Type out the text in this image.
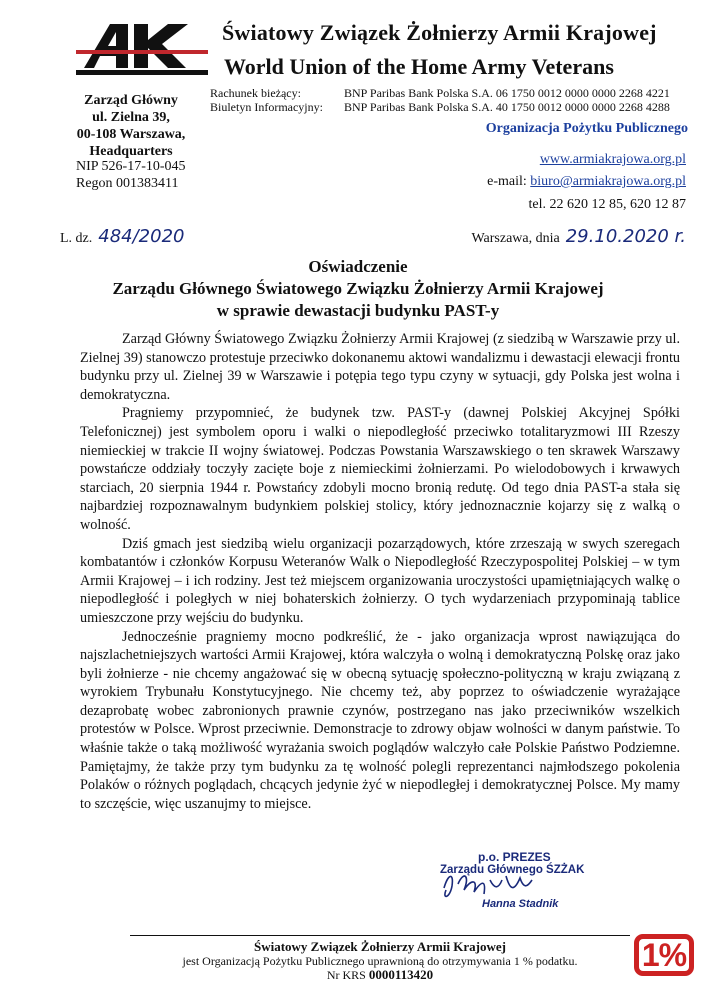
AK	Światowy Związek Żołnierzy Armii Krajowej
World Union of the Home Army Veterans
Zarząd Główny
ul. Zielna 39,
00-108 Warszawa,
Headquarters
NIP 526-17-10-045
Regon 001383411
Rachunek bieżący:	BNP Paribas Bank Polska S.A. 06 1750 0012 0000 0000 2268 4221
Biuletyn Informacyjny:	BNP Paribas Bank Polska S.A. 40 1750 0012 0000 0000 2268 4288
Organizacja Pożytku Publicznego
www.armiakrajowa.org.pl
e-mail: biuro@armiakrajowa.org.pl
tel. 22 620 12 85, 620 12 87
L. dz. 484/2020	Warszawa, dnia 29.10.2020 r.
Oświadczenie
Zarządu Głównego Światowego Związku Żołnierzy Armii Krajowej
w sprawie dewastacji budynku PAST-y

Zarząd Główny Światowego Związku Żołnierzy Armii Krajowej (z siedzibą w Warszawie przy ul. Zielnej 39) stanowczo protestuje przeciwko dokonanemu aktowi wandalizmu i dewastacji elewacji frontu budynku przy ul. Zielnej 39 w Warszawie i potępia tego typu czyny w sytuacji, gdy Polska jest wolna i demokratyczna.

Pragniemy przypomnieć, że budynek tzw. PAST-y (dawnej Polskiej Akcyjnej Spółki Telefonicznej) jest symbolem oporu i walki o niepodległość przeciwko totalitaryzmowi III Rzeszy niemieckiej w trakcie II wojny światowej. Podczas Powstania Warszawskiego o ten skrawek Warszawy powstańcze oddziały toczyły zacięte boje z niemieckimi żołnierzami. Po wielodobowych i krwawych starciach, 20 sierpnia 1944 r. Powstańcy zdobyli mocno bronią redutę. Od tego dnia PAST-a stała się najbardziej rozpoznawalnym budynkiem polskiej stolicy, który jednoznacznie kojarzy się z walką o wolność.

Dziś gmach jest siedzibą wielu organizacji pozarządowych, które zrzeszają w swych szeregach kombatantów i członków Korpusu Weteranów Walk o Niepodległość Rzeczypospolitej Polskiej – w tym Armii Krajowej – i ich rodziny. Jest też miejscem organizowania uroczystości upamiętniających walkę o niepodległość i poległych w niej bohaterskich żołnierzy. O tych wydarzeniach przypominają tablice umieszczone przy wejściu do budynku.

Jednocześnie pragniemy mocno podkreślić, że - jako organizacja wprost nawiązująca do najszlachetniejszych wartości Armii Krajowej, która walczyła o wolną i demokratyczną Polskę oraz jako byli żołnierze - nie chcemy angażować się w obecną sytuację społeczno-polityczną w kraju związaną z wyrokiem Trybunału Konstytucyjnego. Nie chcemy też, aby poprzez to oświadczenie wyrażające dezaprobatę wobec zabronionych prawnie czynów, postrzegano nas jako przeciwników wszelkich protestów w Polsce. Wprost przeciwnie. Demonstracje to zdrowy objaw wolności w danym państwie. To właśnie także o taką możliwość wyrażania swoich poglądów walczyło całe Polskie Państwo Podziemne. Pamiętajmy, że także przy tym budynku za tę wolność polegli reprezentanci najmłodszego pokolenia Polaków o różnych poglądach, chcących jedynie żyć w niepodległej i demokratycznej Polsce. My mamy to szczęście, więc uszanujmy to miejsce.

p.o. PREZES
Zarządu Głównego ŚZŻAK
Hanna Stadnik
Światowy Związek Żołnierzy Armii Krajowej
jest Organizacją Pożytku Publicznego uprawnioną do otrzymywania 1 % podatku.
Nr KRS 0000113420
1%
